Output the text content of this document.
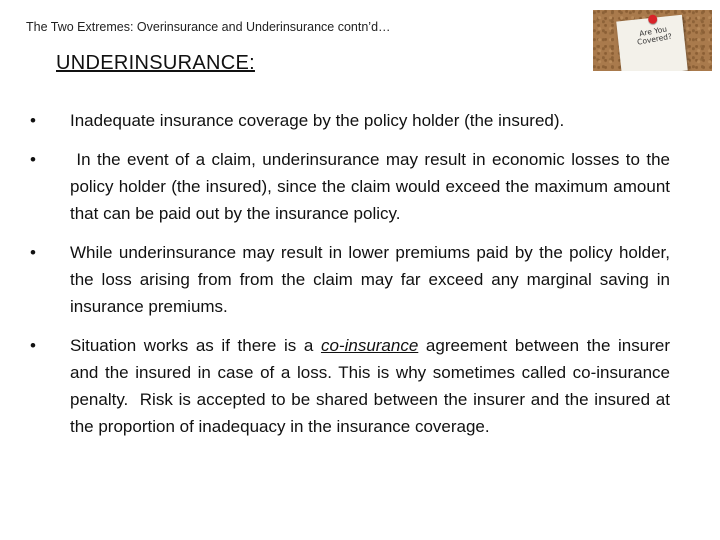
The Two Extremes: Overinsurance and Underinsurance contn’d…	Are You Covered?
UNDERINSURANCE:
•	Inadequate insurance coverage by the policy holder (the insured).
•	In the event of a claim, underinsurance may result in economic losses to the policy holder (the insured), since the claim would exceed the maximum amount that can be paid out by the insurance policy.
•	While underinsurance may result in lower premiums paid by the policy holder, the loss arising from from the claim may far exceed any marginal saving in insurance premiums.
•	Situation works as if there is a co-insurance agreement between the insurer and the insured in case of a loss. This is why sometimes called co-insurance penalty.  Risk is accepted to be shared between the insurer and the insured at the proportion of inadequacy in the insurance coverage.
